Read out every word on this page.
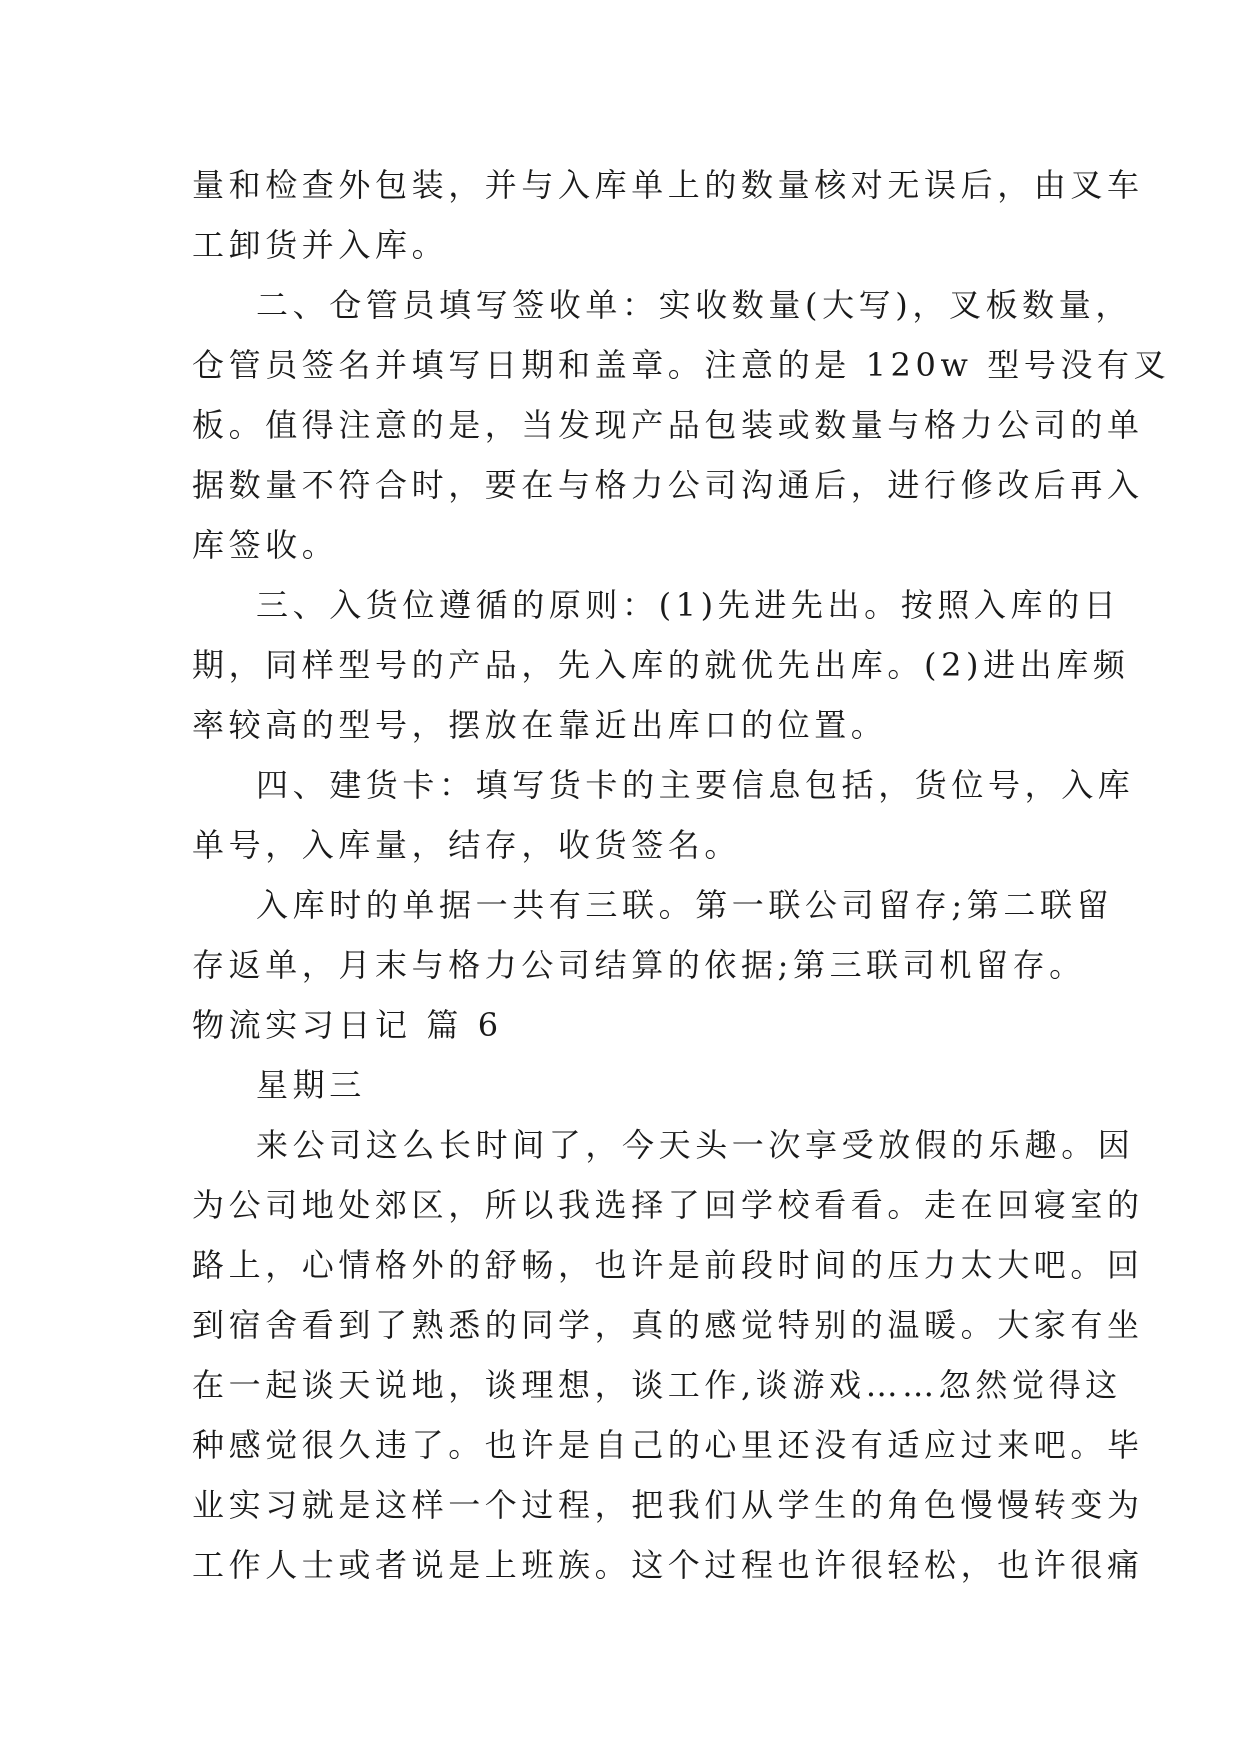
量和检查外包装，并与入库单上的数量核对无误后，由叉车
工卸货并入库。
二、仓管员填写签收单：实收数量(大写)，叉板数量，
仓管员签名并填写日期和盖章。注意的是 120w 型号没有叉
板。值得注意的是，当发现产品包装或数量与格力公司的单
据数量不符合时，要在与格力公司沟通后，进行修改后再入
库签收。
三、入货位遵循的原则：(1)先进先出。按照入库的日
期，同样型号的产品，先入库的就优先出库。(2)进出库频
率较高的型号，摆放在靠近出库口的位置。
四、建货卡：填写货卡的主要信息包括，货位号，入库
单号，入库量，结存，收货签名。
入库时的单据一共有三联。第一联公司留存;第二联留
存返单，月末与格力公司结算的依据;第三联司机留存。
物流实习日记 篇 6
星期三
来公司这么长时间了，今天头一次享受放假的乐趣。因
为公司地处郊区，所以我选择了回学校看看。走在回寝室的
路上，心情格外的舒畅，也许是前段时间的压力太大吧。回
到宿舍看到了熟悉的同学，真的感觉特别的温暖。大家有坐
在一起谈天说地，谈理想，谈工作,谈游戏……忽然觉得这
种感觉很久违了。也许是自己的心里还没有适应过来吧。毕
业实习就是这样一个过程，把我们从学生的角色慢慢转变为
工作人士或者说是上班族。这个过程也许很轻松，也许很痛
